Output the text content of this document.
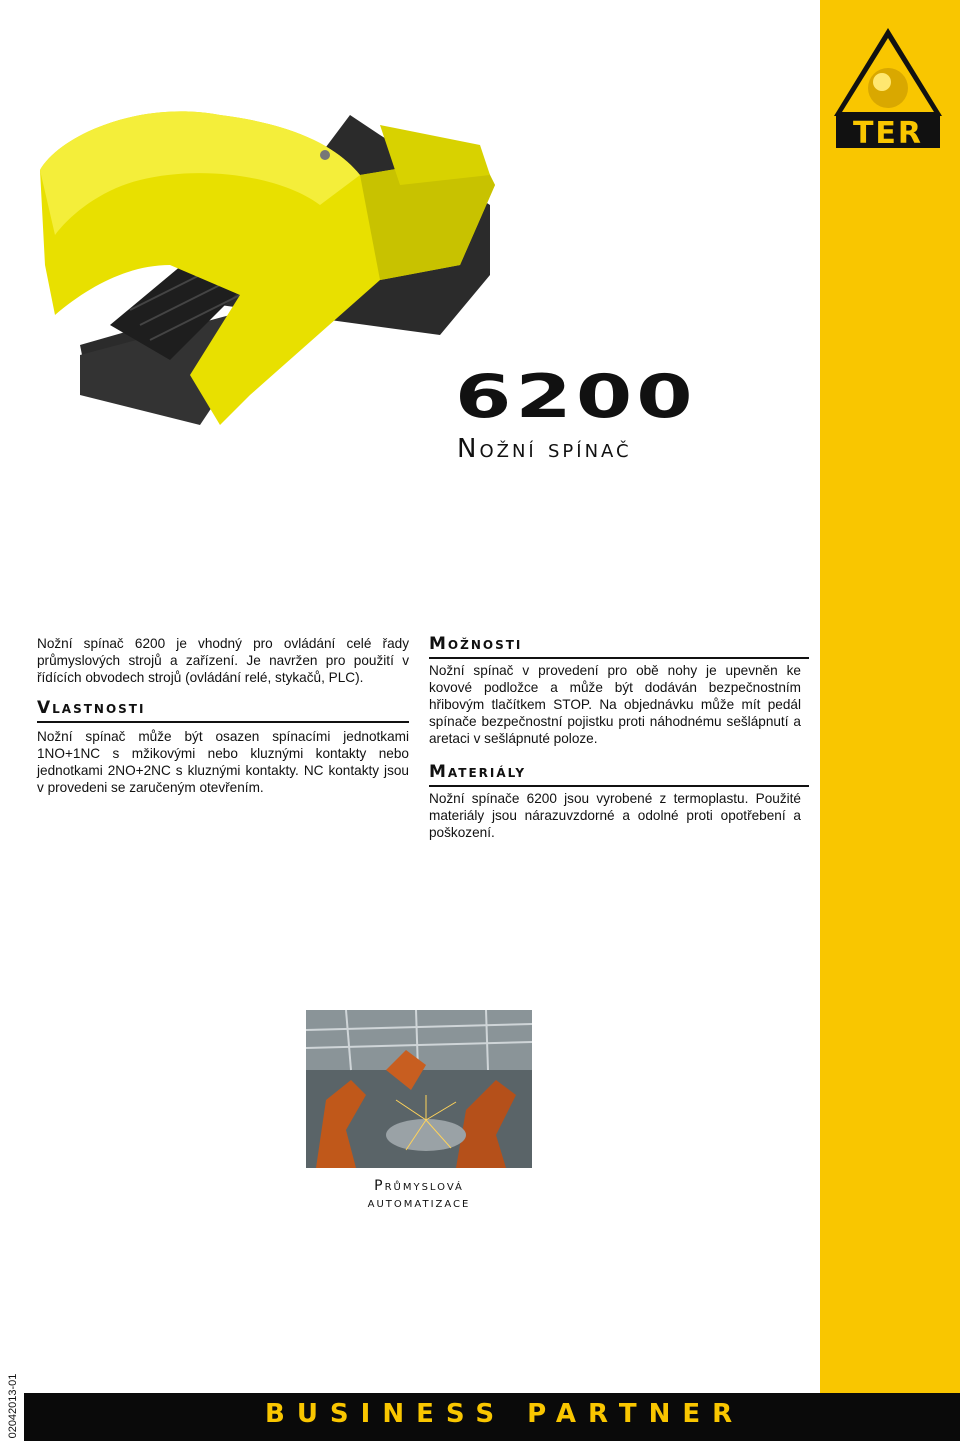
TER
6200
Nožní spínač
Nožní spínač 6200 je vhodný pro ovládání celé řady průmyslových strojů a zařízení. Je navržen pro použití v řídících obvodech strojů (ovládání relé, stykačů, PLC).
Vlastnosti
Nožní spínač může být osazen spínacími jednotkami 1NO+1NC s mžikovými nebo kluznými kontakty nebo jednotkami 2NO+2NC s kluznými kontakty. NC kontakty jsou v provedeni se zaručeným otevřením.
Možnosti
Nožní spínač v provedení pro obě nohy je upevněn ke kovové podložce a může být dodáván bezpečnostním hřibovým tlačítkem STOP. Na objednávku může mít pedál spínače bezpečnostní pojistku proti náhodnému sešlápnutí a aretaci v sešlápnuté poloze.
Materiály
Nožní spínače 6200 jsou vyrobené z termoplastu. Použité materiály jsou nárazuvzdorné a odolné proti opotřebení a poškození.
Průmyslová
automatizace
BUSINESS PARTNER
02042013-01
